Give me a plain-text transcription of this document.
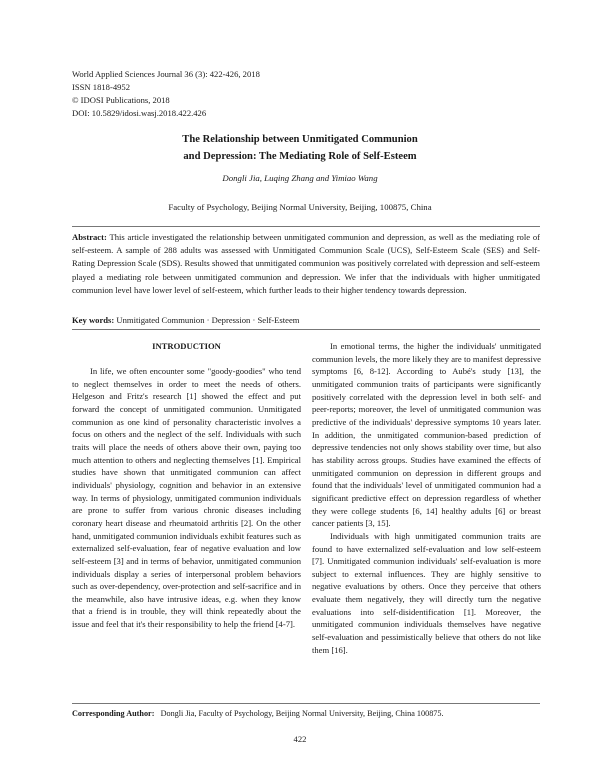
World Applied Sciences Journal 36 (3): 422-426, 2018
ISSN 1818-4952
© IDOSI Publications, 2018
DOI: 10.5829/idosi.wasj.2018.422.426
The Relationship between Unmitigated Communion
and Depression: The Mediating Role of Self-Esteem
Dongli Jia, Luqing Zhang and Yimiao Wang
Faculty of Psychology, Beijing Normal University, Beijing, 100875, China
Abstract: This article investigated the relationship between unmitigated communion and depression, as well as the mediating role of self-esteem. A sample of 288 adults was assessed with Unmitigated Communion Scale (UCS), Self-Esteem Scale (SES) and Self-Rating Depression Scale (SDS). Results showed that unmitigated communion was positively correlated with depression and self-esteem played a mediating role between unmitigated communion and depression. We infer that the individuals with higher unmitigated communion level have lower level of self-esteem, which further leads to their higher tendency towards depression.
Key words: Unmitigated Communion · Depression · Self-Esteem
INTRODUCTION

In life, we often encounter some "goody-goodies" who tend to neglect themselves in order to meet the needs of others. Helgeson and Fritz's research [1] showed the effect and put forward the concept of unmitigated communion. Unmitigated communion as one kind of personality characteristic involves a focus on others and the neglect of the self. Individuals with such traits will place the needs of others above their own, paying too much attention to others and neglecting themselves [1]. Empirical studies have shown that unmitigated communion can affect individuals' physiology, cognition and behavior in an extensive way. In terms of physiology, unmitigated communion individuals are prone to suffer from various chronic diseases including coronary heart disease and rheumatoid arthritis [2]. On the other hand, unmitigated communion individuals exhibit features such as externalized self-evaluation, fear of negative evaluation and low self-esteem [3] and in terms of behavior, unmitigated communion individuals display a series of interpersonal problem behaviors such as over-dependency, over-protection and self-sacrifice and in the meanwhile, also have intrusive ideas, e.g. when they know that a friend is in trouble, they will think repeatedly about the issue and feel that it's their responsibility to help the friend [4-7].

In emotional terms, the higher the individuals' unmitigated communion levels, the more likely they are to manifest depressive symptoms [6, 8-12]. According to Aubé's study [13], the unmitigated communion traits of participants were significantly positively correlated with the depression level in both self- and peer-reports; moreover, the level of unmitigated communion was predictive of the individuals' depressive symptoms 10 years later. In addition, the unmitigated communion-based prediction of depressive tendencies not only shows stability over time, but also has stability across groups. Studies have examined the effects of unmitigated communion on depression in different groups and found that the individuals' level of unmitigated communion had a significant predictive effect on depression regardless of whether they were college students [6, 14] healthy adults [6] or breast cancer patients [3, 15].

Individuals with high unmitigated communion traits are found to have externalized self-evaluation and low self-esteem [7]. Unmitigated communion individuals' self-evaluation is more subject to external influences. They are highly sensitive to negative evaluations by others. Once they perceive that others evaluate them negatively, they will directly turn the negative evaluations into self-disidentification [1]. Moreover, the unmitigated communion individuals themselves have negative self-evaluation and pessimistically believe that others do not like them [16].

Corresponding Author: Dongli Jia, Faculty of Psychology, Beijing Normal University, Beijing, China 100875.
422
